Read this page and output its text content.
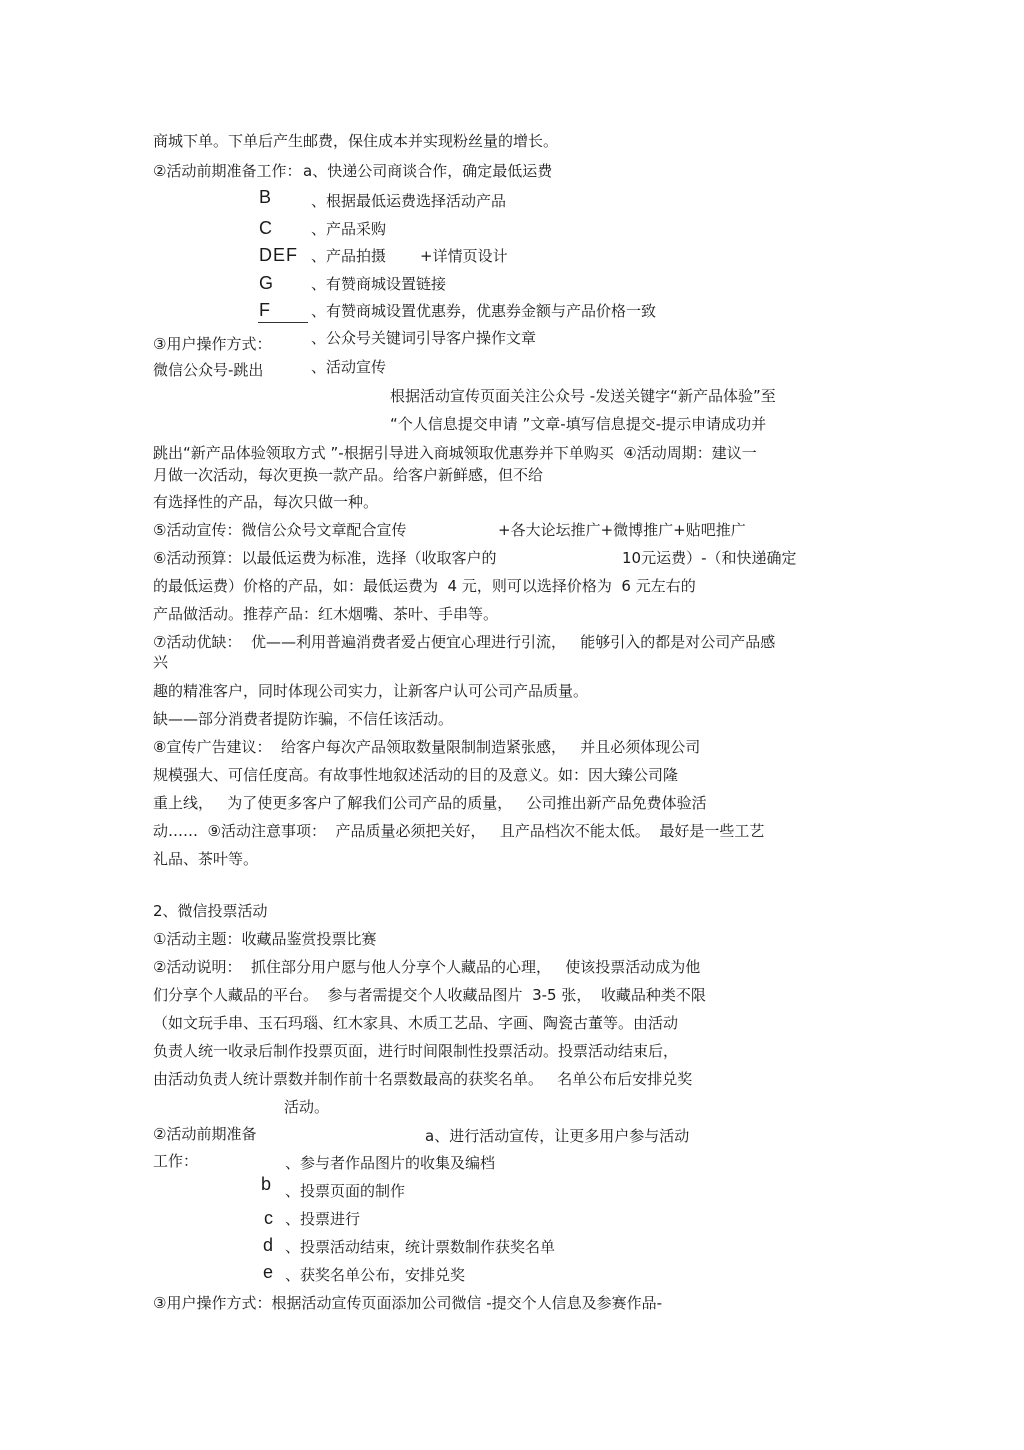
商城下单。下单后产生邮费，保住成本并实现粉丝量的增长。
②活动前期准备工作： a、快递公司商谈合作，确定最低运费
B	、根据最低运费选择活动产品
C	、产品采购
DEF 、产品拍摄 +详情页设计
G	、有赞商城设置链接
F	、有赞商城设置优惠券，优惠券金额与产品价格一致
③用户操作方式：	、公众号关键词引导客户操作文章
微信公众号-跳出	、活动宣传
根据活动宣传页面关注公众号 -发送关键字“新产品体验”至
“个人信息提交申请 ”文章-填写信息提交-提示申请成功并
跳出“新产品体验领取方式 ”-根据引导进入商城领取优惠券并下单购买  ④活动周期：建议一
月做一次活动，每次更换一款产品。给客户新鲜感，但不给
有选择性的产品，每次只做一种。
⑤活动宣传：微信公众号文章配合宣传	+各大论坛推广+微博推广+贴吧推广
⑥活动预算：以最低运费为标准，选择（收取客户的	10元运费）-（和快递确定
的最低运费）价格的产品，如：最低运费为  4 元，则可以选择价格为  6 元左右的
产品做活动。推荐产品：红木烟嘴、茶叶、手串等。
⑦活动优缺：  优——利用普遍消费者爱占便宜心理进行引流，   能够引入的都是对公司产品感
兴
趣的精准客户，同时体现公司实力，让新客户认可公司产品质量。
缺——部分消费者提防诈骗，不信任该活动。
⑧宣传广告建议：  给客户每次产品领取数量限制制造紧张感，   并且必须体现公司
规模强大、可信任度高。有故事性地叙述活动的目的及意义。如：因大臻公司隆
重上线，   为了使更多客户了解我们公司产品的质量，   公司推出新产品免费体验活
动……  ⑨活动注意事项：  产品质量必须把关好，   且产品档次不能太低。  最好是一些工艺
礼品、茶叶等。
2、微信投票活动
①活动主题：收藏品鉴赏投票比赛
②活动说明：  抓住部分用户愿与他人分享个人藏品的心理，   使该投票活动成为他
们分享个人藏品的平台。  参与者需提交个人收藏品图片  3-5 张，  收藏品种类不限
（如文玩手串、玉石玛瑙、红木家具、木质工艺品、字画、陶瓷古董等。由活动
负责人统一收录后制作投票页面，进行时间限制性投票活动。投票活动结束后，
由活动负责人统计票数并制作前十名票数最高的获奖名单。   名单公布后安排兑奖
活动。
②活动前期准备	a、进行活动宣传，让更多用户参与活动
工作：	、参与者作品图片的收集及编档
b 、投票页面的制作
c 、投票进行
d 、投票活动结束，统计票数制作获奖名单
e 、获奖名单公布，安排兑奖
③用户操作方式：根据活动宣传页面添加公司微信 -提交个人信息及参赛作品-
